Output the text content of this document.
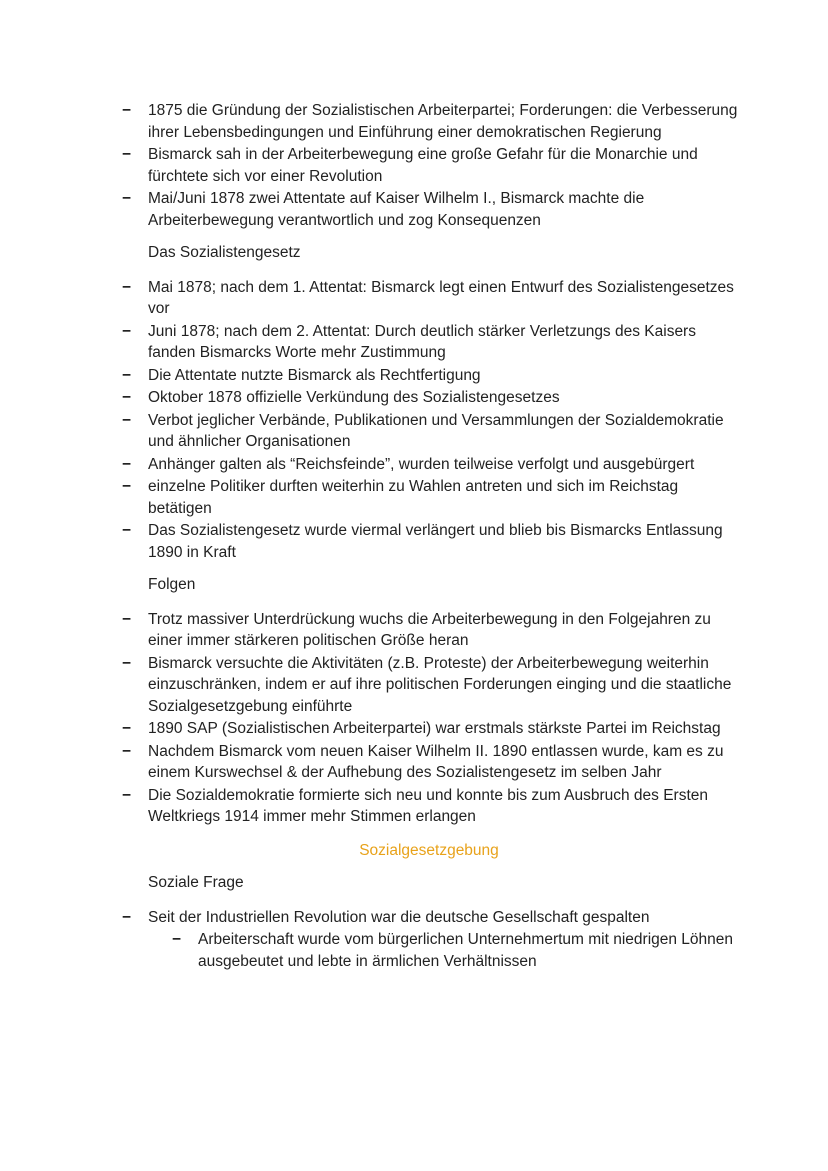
− 1875 die Gründung der Sozialistischen Arbeiterpartei; Forderungen: die Verbesserung ihrer Lebensbedingungen und Einführung einer demokratischen Regierung
− Bismarck sah in der Arbeiterbewegung eine große Gefahr für die Monarchie und fürchtete sich vor einer Revolution
− Mai/Juni 1878 zwei Attentate auf Kaiser Wilhelm I., Bismarck machte die Arbeiterbewegung verantwortlich und zog Konsequenzen
Das Sozialistengesetz
− Mai 1878; nach dem 1. Attentat: Bismarck legt einen Entwurf des Sozialistengesetzes vor
− Juni 1878; nach dem 2. Attentat: Durch deutlich stärker Verletzungs des Kaisers fanden Bismarcks Worte mehr Zustimmung
− Die Attentate nutzte Bismarck als Rechtfertigung
− Oktober 1878 offizielle Verkündung des Sozialistengesetzes
− Verbot jeglicher Verbände, Publikationen und Versammlungen der Sozialdemokratie und ähnlicher Organisationen
− Anhänger galten als “Reichsfeinde”, wurden teilweise verfolgt und ausgebürgert
− einzelne Politiker durften weiterhin zu Wahlen antreten und sich im Reichstag betätigen
− Das Sozialistengesetz wurde viermal verlängert und blieb bis Bismarcks Entlassung 1890 in Kraft
Folgen
− Trotz massiver Unterdrückung wuchs die Arbeiterbewegung in den Folgejahren zu einer immer stärkeren politischen Größe heran
− Bismarck versuchte die Aktivitäten (z.B. Proteste) der Arbeiterbewegung weiterhin einzuschränken, indem er auf ihre politischen Forderungen einging und die staatliche Sozialgesetzgebung einführte
− 1890 SAP (Sozialistischen Arbeiterpartei) war erstmals stärkste Partei im Reichstag
− Nachdem Bismarck vom neuen Kaiser Wilhelm II. 1890 entlassen wurde, kam es zu einem Kurswechsel & der Aufhebung des Sozialistengesetz im selben Jahr
− Die Sozialdemokratie formierte sich neu und konnte bis zum Ausbruch des Ersten Weltkriegs 1914 immer mehr Stimmen erlangen
Sozialgesetzgebung
Soziale Frage
− Seit der Industriellen Revolution war die deutsche Gesellschaft gespalten
− Arbeiterschaft wurde vom bürgerlichen Unternehmertum mit niedrigen Löhnen ausgebeutet und lebte in ärmlichen Verhältnissen
